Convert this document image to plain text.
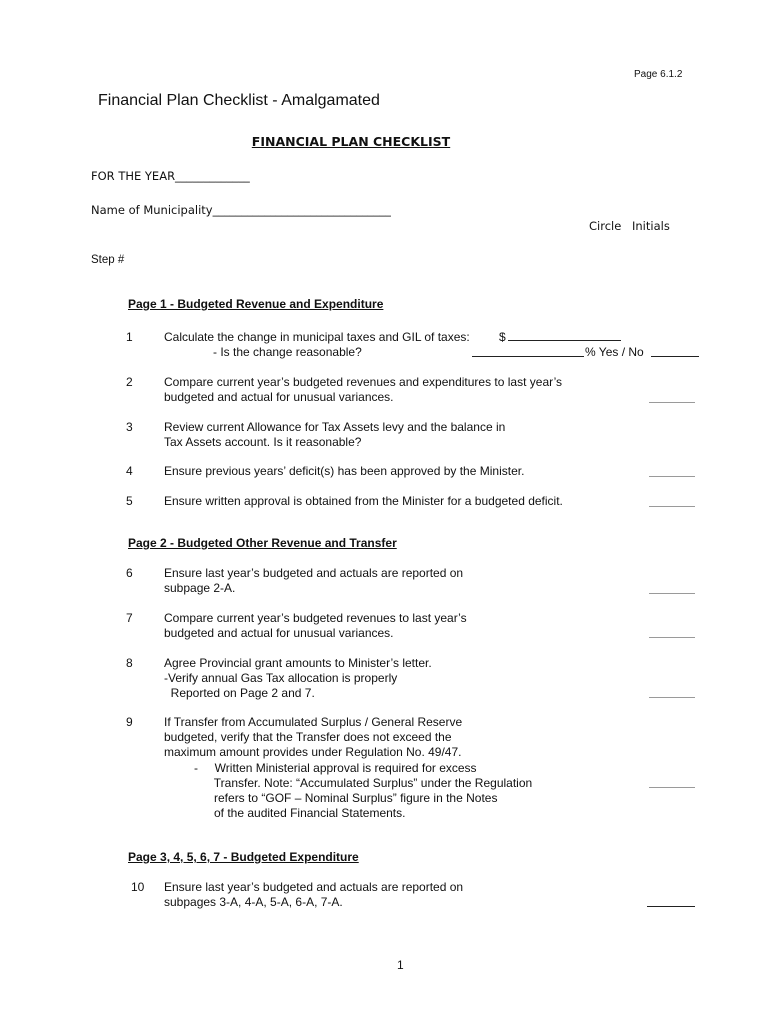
Page 6.1.2
Financial Plan Checklist - Amalgamated
FINANCIAL PLAN CHECKLIST
FOR THE YEAR_____________
Name of Municipality_______________________________
Circle Initials
Step #
Page 1 - Budgeted Revenue and Expenditure
1	Calculate the change in municipal taxes and GIL of taxes: $
- Is the change reasonable?	% Yes / No
2	Compare current year’s budgeted revenues and expenditures to last year’s
budgeted and actual for unusual variances.
3	Review current Allowance for Tax Assets levy and the balance in
Tax Assets account. Is it reasonable?
4	Ensure previous years’ deficit(s) has been approved by the Minister.
5	Ensure written approval is obtained from the Minister for a budgeted deficit.
Page 2 - Budgeted Other Revenue and Transfer
6	Ensure last year’s budgeted and actuals are reported on
subpage 2-A.
7	Compare current year’s budgeted revenues to last year’s
budgeted and actual for unusual variances.
8	Agree Provincial grant amounts to Minister’s letter.
-Verify annual Gas Tax allocation is properly
Reported on Page 2 and 7.
9	If Transfer from Accumulated Surplus / General Reserve
budgeted, verify that the Transfer does not exceed the
maximum amount provides under Regulation No. 49/47.
-     Written Ministerial approval is required for excess
Transfer. Note: “Accumulated Surplus” under the Regulation
refers to “GOF – Nominal Surplus” figure in the Notes
of the audited Financial Statements.
Page 3, 4, 5, 6, 7 - Budgeted Expenditure
10 Ensure last year’s budgeted and actuals are reported on
subpages 3-A, 4-A, 5-A, 6-A, 7-A.
1
